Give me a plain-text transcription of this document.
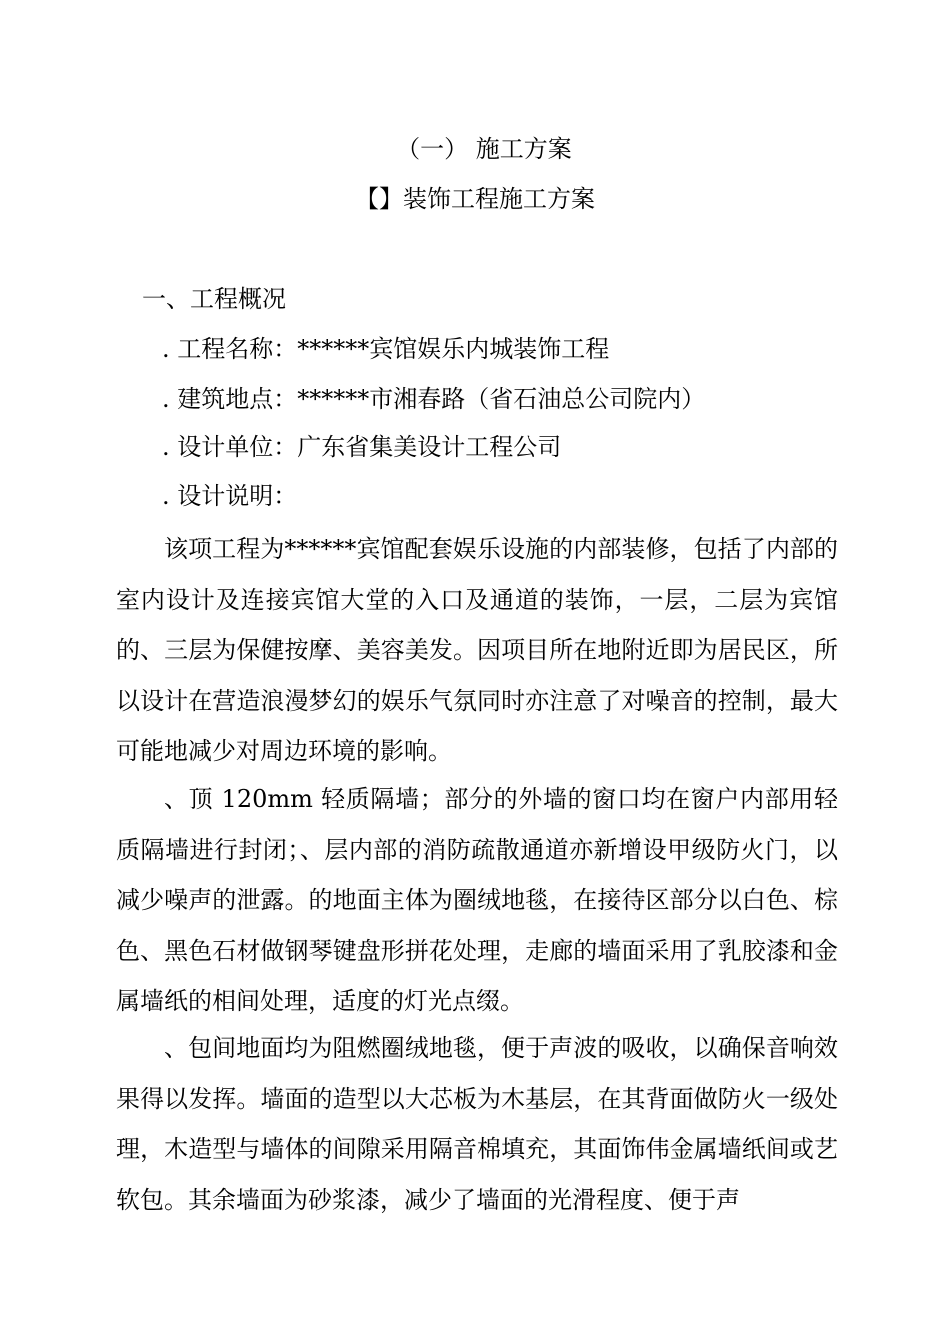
（一） 施工方案
【】装饰工程施工方案
一、工程概况
. 工程名称：******宾馆娱乐内城装饰工程
. 建筑地点：******市湘春路（省石油总公司院内）
. 设计单位：广东省集美设计工程公司
. 设计说明：
该项工程为******宾馆配套娱乐设施的内部装修，包括了内部的室内设计及连接宾馆大堂的入口及通道的装饰，一层，二层为宾馆的、三层为保健按摩、美容美发。因项目所在地附近即为居民区，所以设计在营造浪漫梦幻的娱乐气氛同时亦注意了对噪音的控制，最大可能地减少对周边环境的影响。
、顶 120mm 轻质隔墙；部分的外墙的窗口均在窗户内部用轻质隔墙进行封闭；、层内部的消防疏散通道亦新增设甲级防火门，以减少噪声的泄露。的地面主体为圈绒地毯，在接待区部分以白色、棕色、黑色石材做钢琴键盘形拼花处理，走廊的墙面采用了乳胶漆和金属墙纸的相间处理，适度的灯光点缀。
、包间地面均为阻燃圈绒地毯，便于声波的吸收，以确保音响效果得以发挥。墙面的造型以大芯板为木基层，在其背面做防火一级处理，木造型与墙体的间隙采用隔音棉填充，其面饰伟金属墙纸间或艺软包。其余墙面为砂浆漆，减少了墙面的光滑程度、便于声
